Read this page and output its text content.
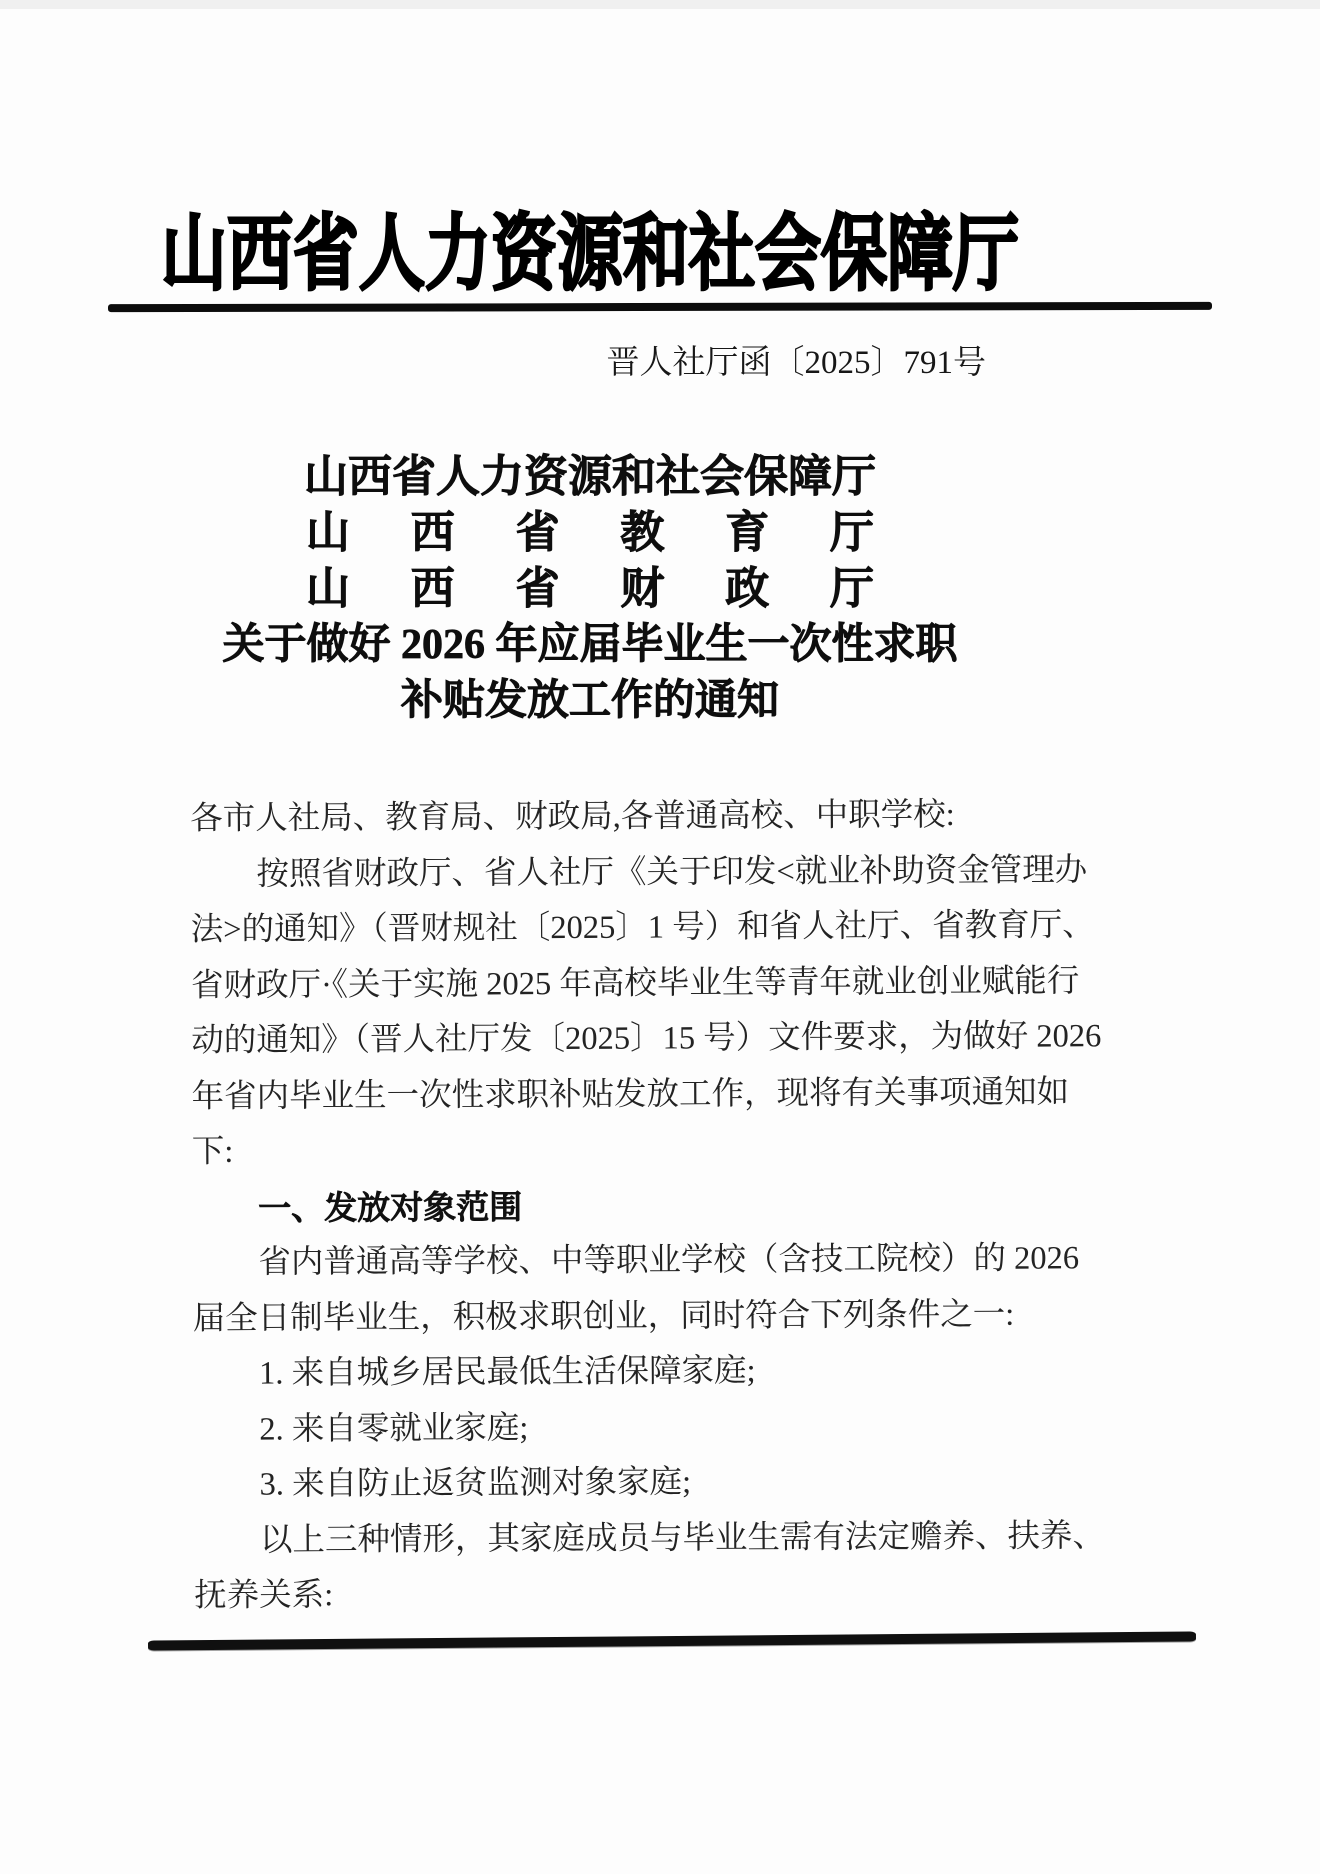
山西省人力资源和社会保障厅
晋人社厅函〔2025〕791号
山西省人力资源和社会保障厅
山 西 省 教 育 厅
山 西 省 财 政 厅
关于做好 2026 年应届毕业生一次性求职
补贴发放工作的通知
各市人社局、教育局、财政局,各普通高校、中职学校:
按照省财政厅、省人社厅《关于印发<就业补助资金管理办
法>的通知》（晋财规社〔2025〕1 号）和省人社厅、省教育厅、
省财政厅·《关于实施 2025 年高校毕业生等青年就业创业赋能行
动的通知》（晋人社厅发〔2025〕15 号）文件要求，为做好 2026
年省内毕业生一次性求职补贴发放工作，现将有关事项通知如
下:
一、发放对象范围
省内普通高等学校、中等职业学校（含技工院校）的 2026
届全日制毕业生，积极求职创业，同时符合下列条件之一:
1. 来自城乡居民最低生活保障家庭;
2. 来自零就业家庭;
3. 来自防止返贫监测对象家庭;
以上三种情形，其家庭成员与毕业生需有法定赡养、扶养、
抚养关系:
